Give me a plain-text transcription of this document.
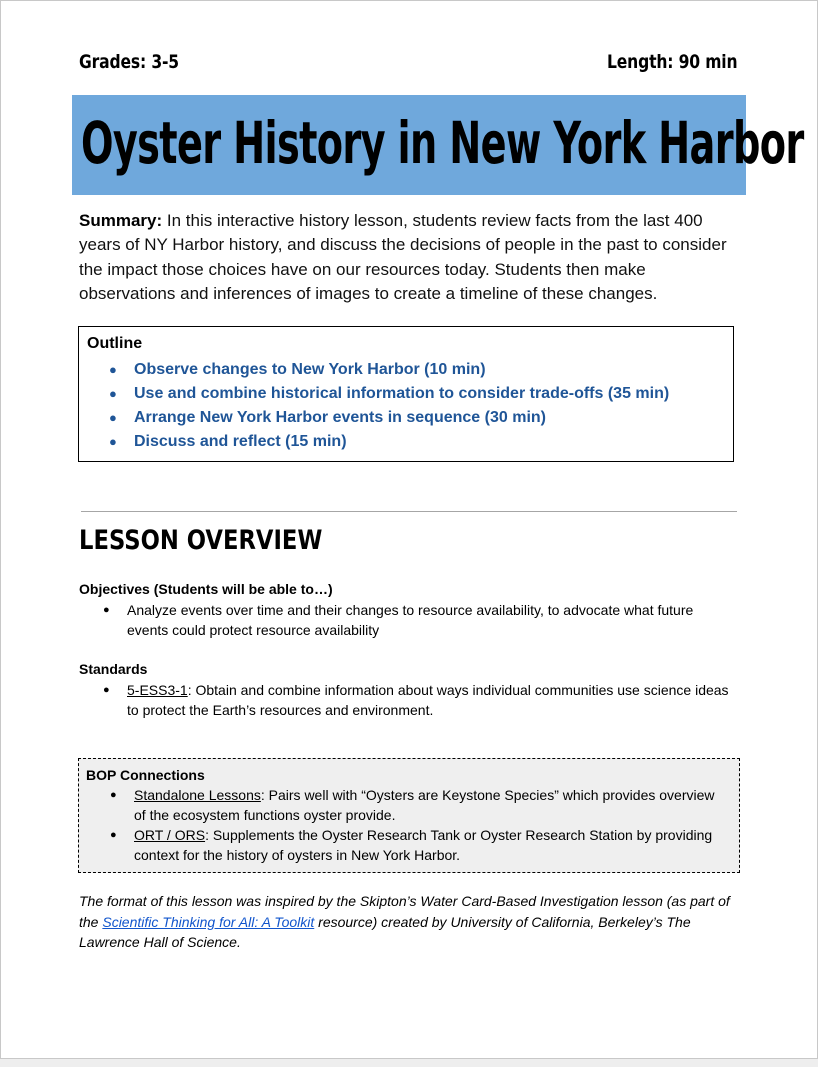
Grades: 3-5	Length: 90 min
Oyster History in New York Harbor
Summary: In this interactive history lesson, students review facts from the last 400 years of NY Harbor history, and discuss the decisions of people in the past to consider the impact those choices have on our resources today. Students then make observations and inferences of images to create a timeline of these changes.
Outline
● Observe changes to New York Harbor (10 min)
● Use and combine historical information to consider trade-offs (35 min)
● Arrange New York Harbor events in sequence (30 min)
● Discuss and reflect (15 min)
LESSON OVERVIEW
Objectives (Students will be able to…)
● Analyze events over time and their changes to resource availability, to advocate what future events could protect resource availability
Standards
● 5-ESS3-1: Obtain and combine information about ways individual communities use science ideas to protect the Earth’s resources and environment.
BOP Connections
● Standalone Lessons: Pairs well with “Oysters are Keystone Species” which provides overview of the ecosystem functions oyster provide.
● ORT / ORS: Supplements the Oyster Research Tank or Oyster Research Station by providing context for the history of oysters in New York Harbor.
The format of this lesson was inspired by the Skipton’s Water Card-Based Investigation lesson (as part of the Scientific Thinking for All: A Toolkit resource) created by University of California, Berkeley’s The Lawrence Hall of Science.
